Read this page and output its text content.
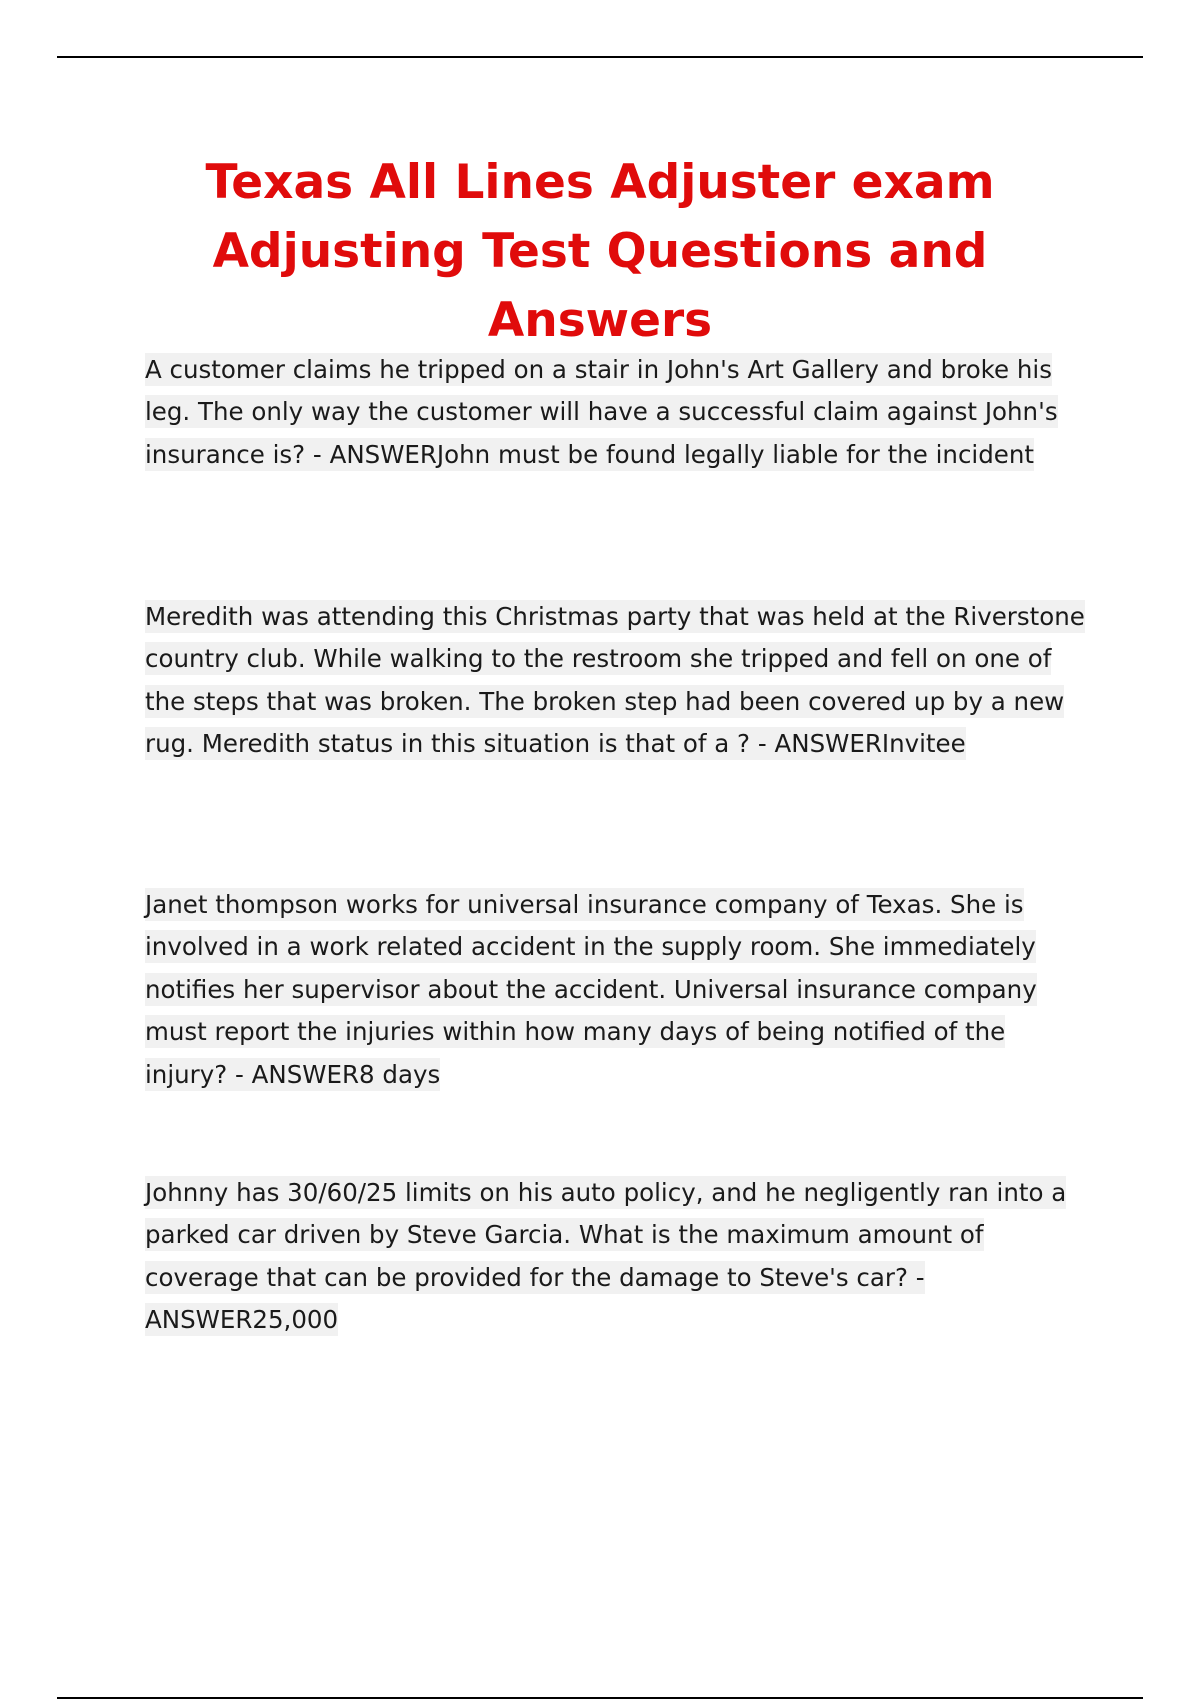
Texas All Lines Adjuster exam Adjusting Test Questions and Answers

A customer claims he tripped on a stair in John's Art Gallery and broke his leg. The only way the customer will have a successful claim against John's insurance is? - ANSWERJohn must be found legally liable for the incident

Meredith was attending this Christmas party that was held at the Riverstone country club. While walking to the restroom she tripped and fell on one of the steps that was broken. The broken step had been covered up by a new rug. Meredith status in this situation is that of a ? - ANSWERInvitee

Janet thompson works for universal insurance company of Texas. She is involved in a work related accident in the supply room. She immediately notifies her supervisor about the accident. Universal insurance company must report the injuries within how many days of being notified of the injury? - ANSWER8 days

Johnny has 30/60/25 limits on his auto policy, and he negligently ran into a parked car driven by Steve Garcia. What is the maximum amount of coverage that can be provided for the damage to Steve's car? - ANSWER25,000
